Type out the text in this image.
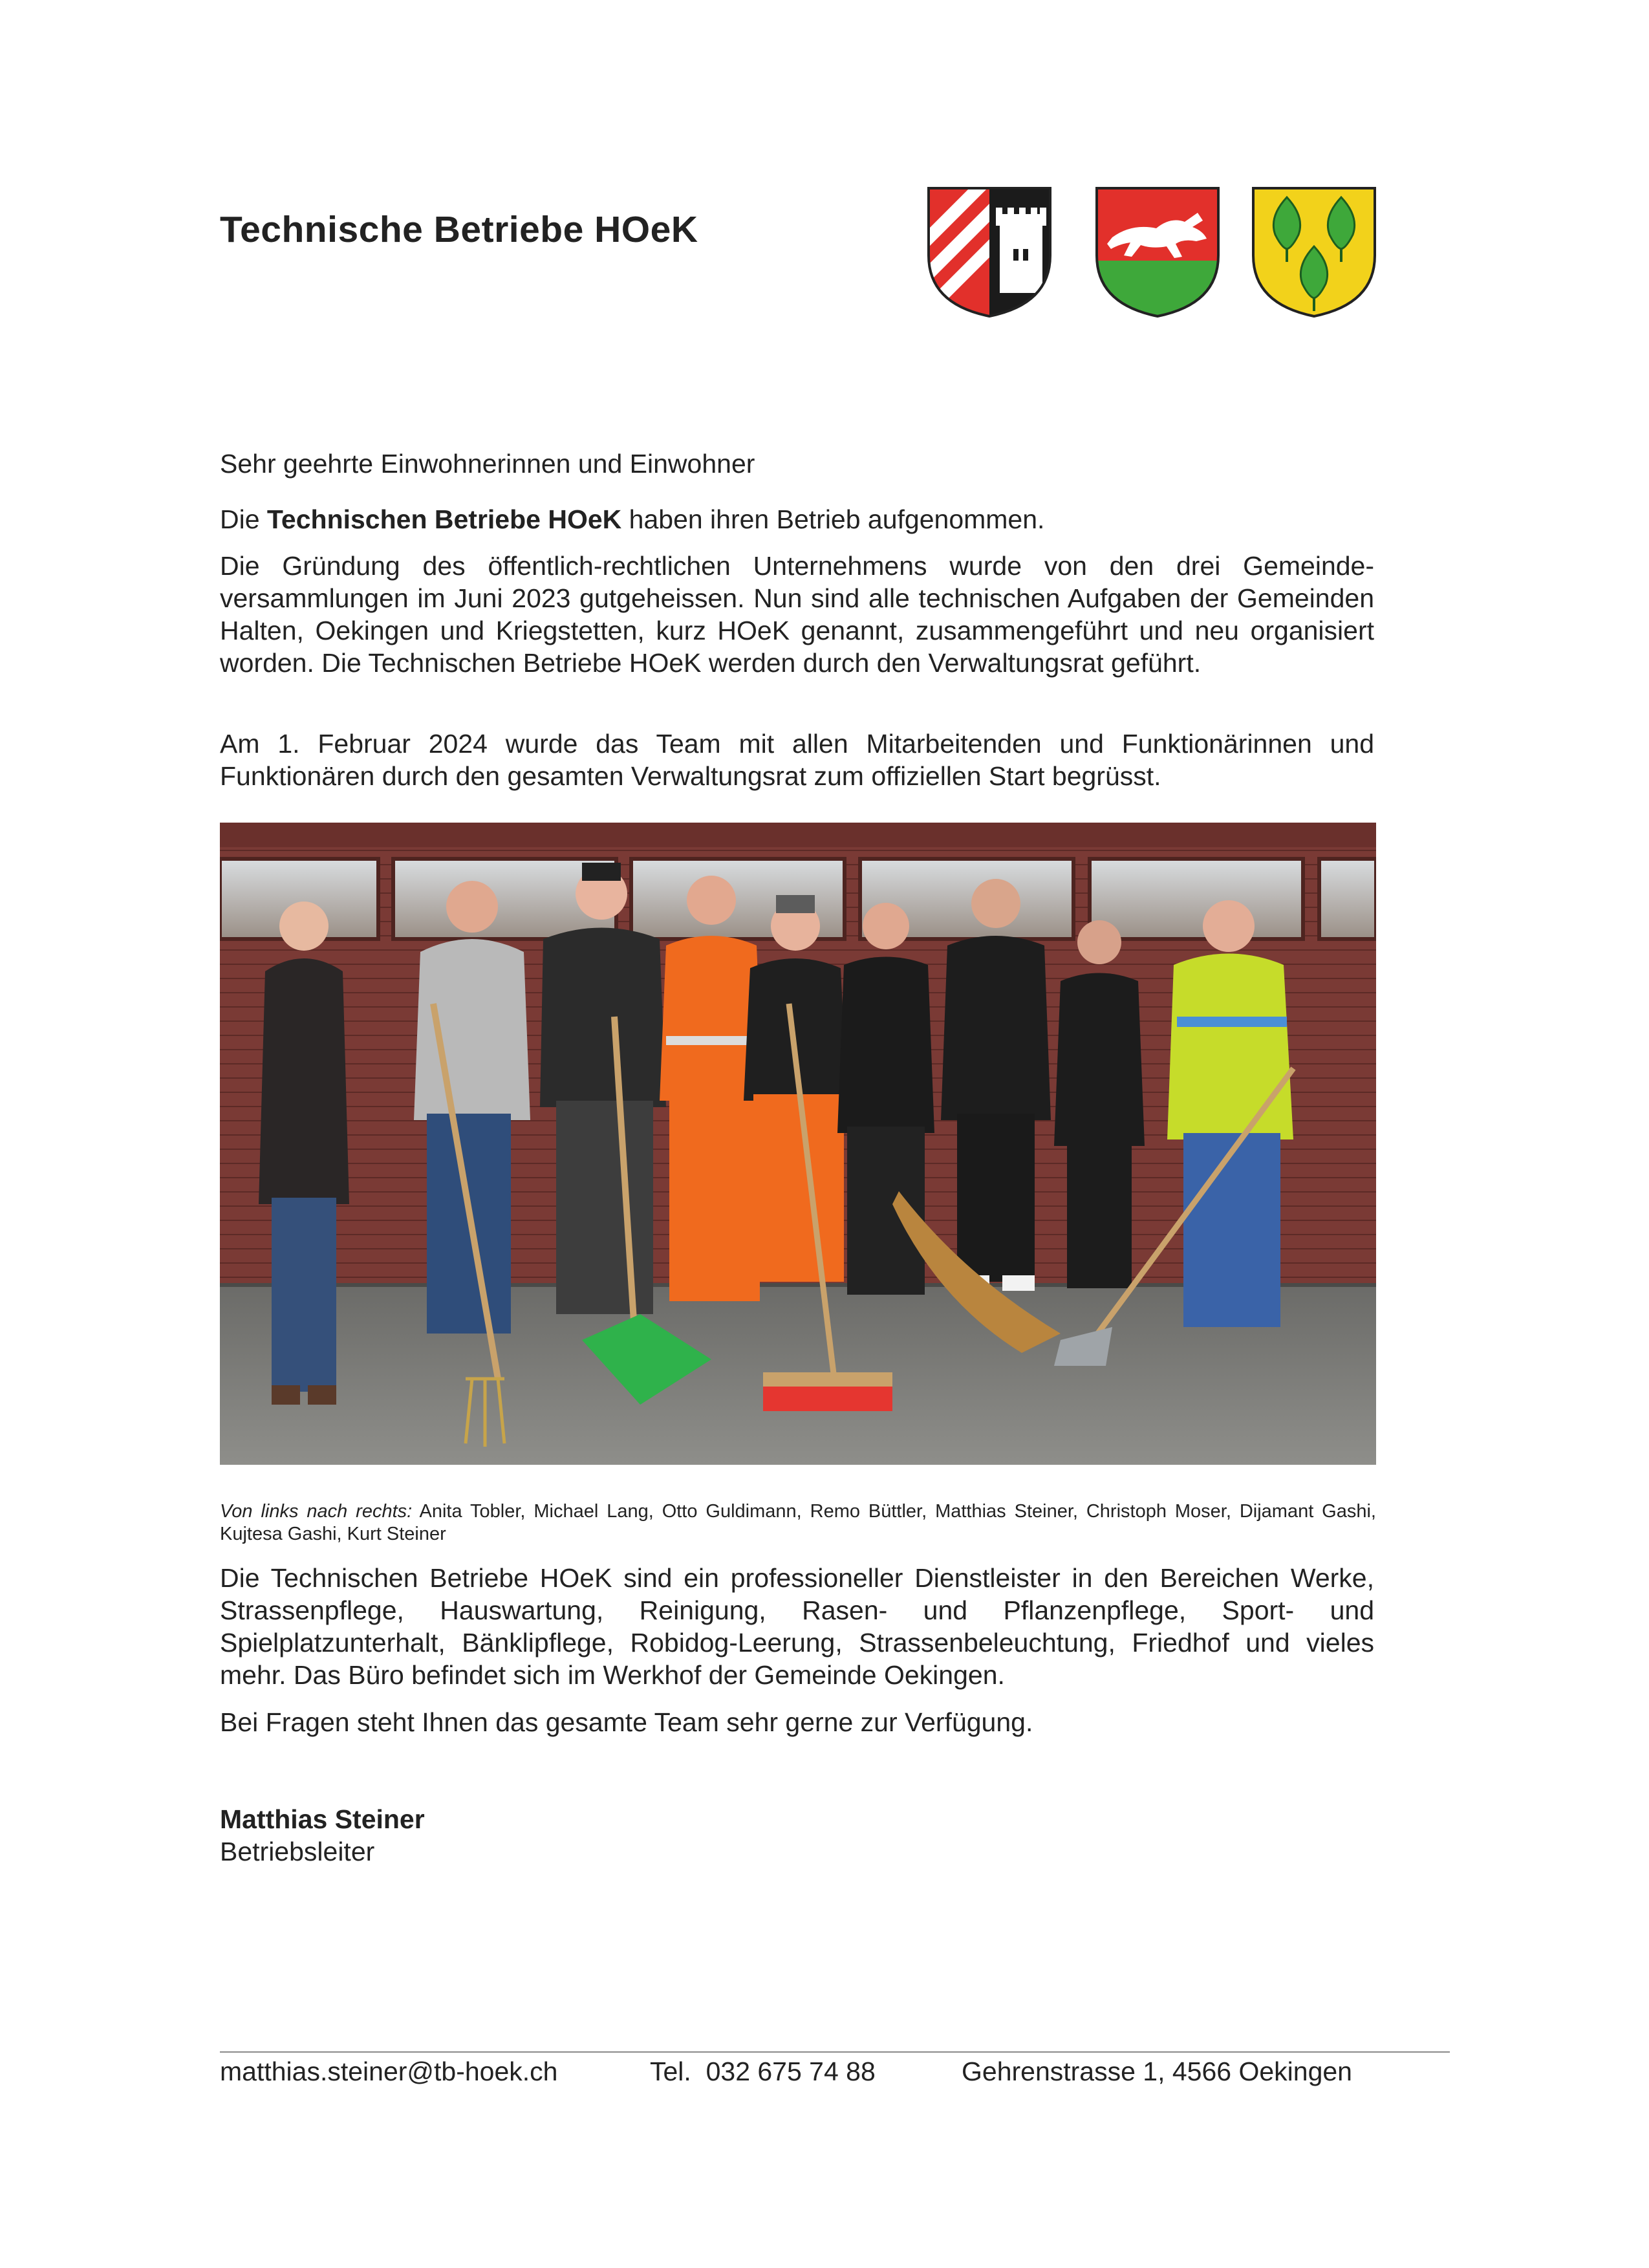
Technische Betriebe HOeK
Sehr geehrte Einwohnerinnen und Einwohner
Die Technischen Betriebe HOeK haben ihren Betrieb aufgenommen.
Die Gründung des öffentlich-rechtlichen Unternehmens wurde von den drei Gemeinde-versammlungen im Juni 2023 gutgeheissen. Nun sind alle technischen Aufgaben der Gemeinden Halten, Oekingen und Kriegstetten, kurz HOeK genannt, zusammengeführt und neu organisiert worden. Die Technischen Betriebe HOeK werden durch den Verwaltungsrat geführt.
Am 1. Februar 2024 wurde das Team mit allen Mitarbeitenden und Funktionärinnen und Funktionären durch den gesamten Verwaltungsrat zum offiziellen Start begrüsst.
Von links nach rechts: Anita Tobler, Michael Lang, Otto Guldimann, Remo Büttler, Matthias Steiner, Christoph Moser, Dijamant Gashi, Kujtesa Gashi, Kurt Steiner
Die Technischen Betriebe HOeK sind ein professioneller Dienstleister in den Bereichen Werke, Strassenpflege, Hauswartung, Reinigung, Rasen- und Pflanzenpflege, Sport- und Spielplatzunterhalt, Bänklipflege, Robidog-Leerung, Strassenbeleuchtung, Friedhof und vieles mehr. Das Büro befindet sich im Werkhof der Gemeinde Oekingen.
Bei Fragen steht Ihnen das gesamte Team sehr gerne zur Verfügung.
Matthias Steiner
Betriebsleiter
matthias.steiner@tb-hoek.ch	Tel.  032 675 74 88	Gehrenstrasse 1, 4566 Oekingen
